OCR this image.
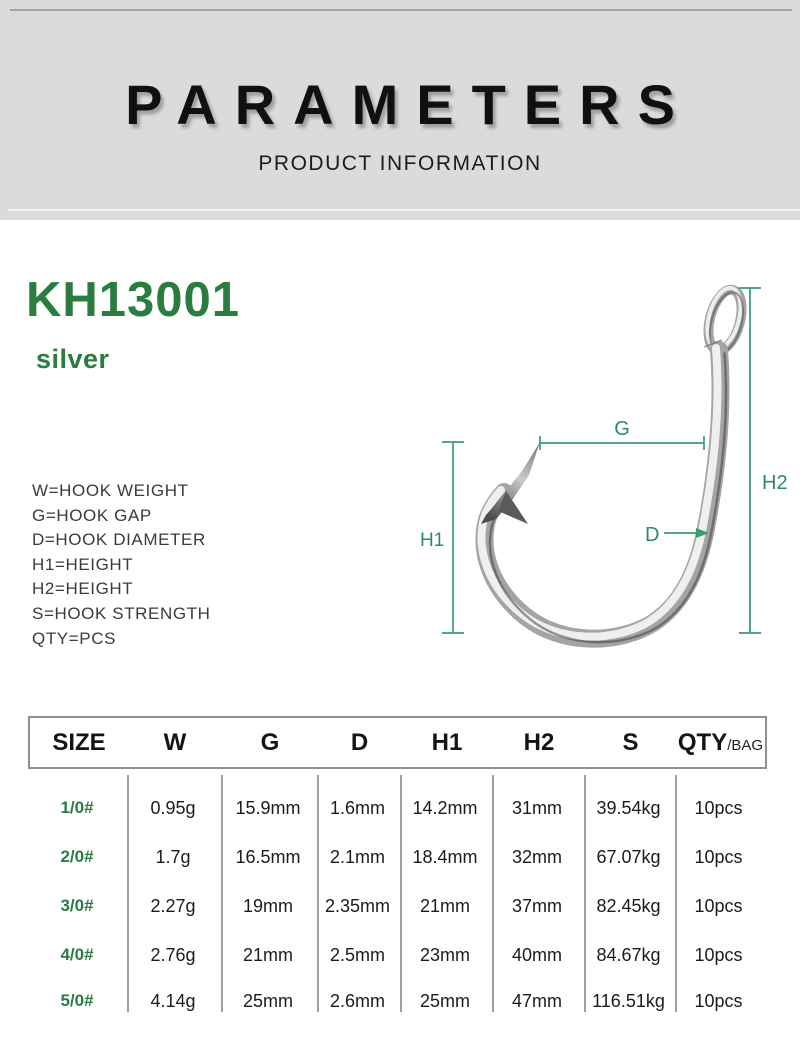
PARAMETERS
PRODUCT INFORMATION
KH13001
silver
W=HOOK WEIGHT
G=HOOK GAP
D=HOOK DIAMETER
H1=HEIGHT
H2=HEIGHT
S=HOOK STRENGTH
QTY=PCS
G
H1
H2
D
SIZE	W	G	D	H1	H2	S	QTY /BAG
1/0#	0.95g	15.9mm	1.6mm	14.2mm	31mm	39.54kg	10pcs
2/0#	1.7g	16.5mm	2.1mm	18.4mm	32mm	67.07kg	10pcs
3/0#	2.27g	19mm	2.35mm	21mm	37mm	82.45kg	10pcs
4/0#	2.76g	21mm	2.5mm	23mm	40mm	84.67kg	10pcs
5/0#	4.14g	25mm	2.6mm	25mm	47mm	116.51kg	10pcs
